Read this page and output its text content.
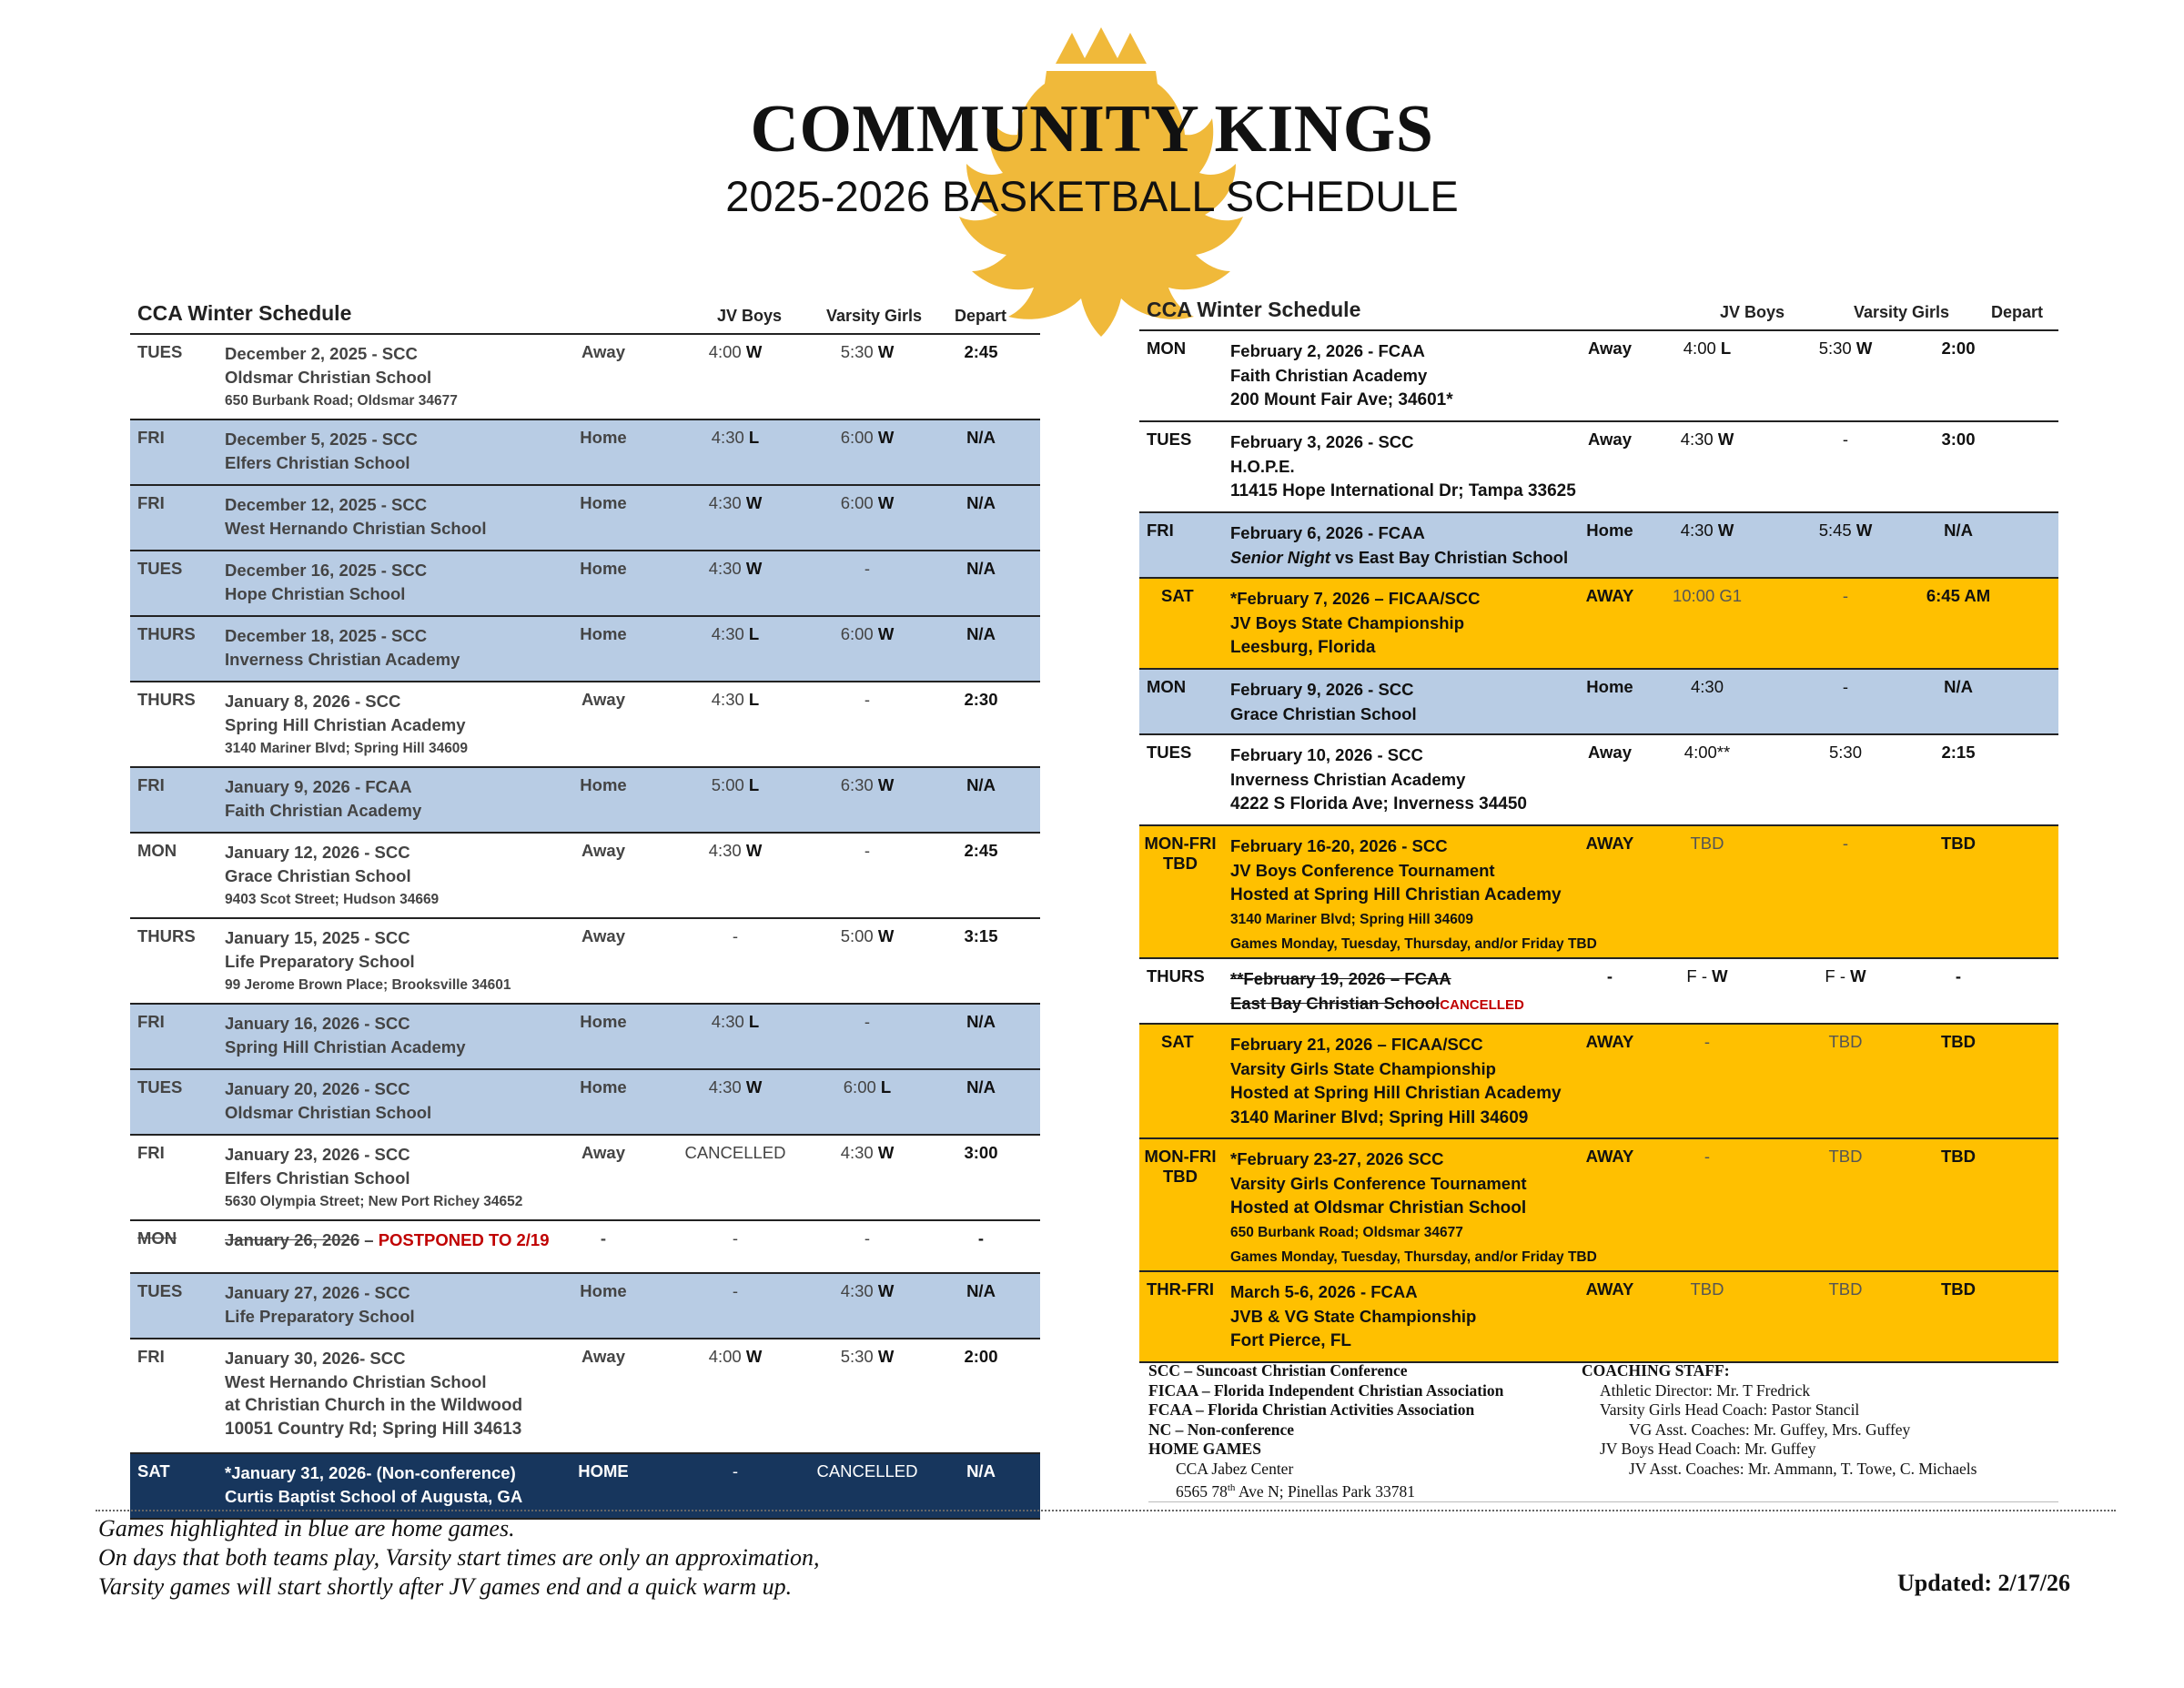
COMMUNITY KINGS
2025-2026 BASKETBALL SCHEDULE
CCA Winter Schedule	JV Boys	Varsity Girls Depart
TUES	December 2, 2025 - SCC
Oldsmar Christian School
650 Burbank Road; Oldsmar 34677
Away	4:00 W	5:30 W	2:45
FRI	December 5, 2025 - SCC
Elfers Christian School
Home	4:30 L	6:00 W	N/A
FRI	December 12, 2025 - SCC
West Hernando Christian School
Home	4:30 W	6:00 W	N/A
TUES	December 16, 2025 - SCC
Hope Christian School
Home	4:30 W	-	N/A
THURS December 18, 2025 - SCC
Inverness Christian Academy
Home	4:30 L	6:00 W	N/A
THURS January 8, 2026 - SCC
Spring Hill Christian Academy
3140 Mariner Blvd; Spring Hill 34609
Away	4:30 L	-	2:30
FRI	January 9, 2026 - FCAA
Faith Christian Academy
Home	5:00 L	6:30 W	N/A
MON	January 12, 2026 - SCC
Grace Christian School
9403 Scot Street; Hudson 34669
Away	4:30 W	-	2:45
THURS January 15, 2025 - SCC
Life Preparatory School
99 Jerome Brown Place; Brooksville 34601
Away	-	5:00 W	3:15
FRI	January 16, 2026 - SCC
Spring Hill Christian Academy
Home	4:30 L	-	N/A
TUES	January 20, 2026 - SCC
Oldsmar Christian School
Home	4:30 W	6:00 L	N/A
FRI	January 23, 2026 - SCC
Elfers Christian School
5630 Olympia Street; New Port Richey 34652
Away	CANCELLED	4:30 W	3:00
MON	January 26, 2026 – POSTPONED TO 2/19	-	-	-	-
TUES	January 27, 2026 - SCC
Life Preparatory School
Home	-	4:30 W	N/A
FRI	January 30, 2026- SCC
West Hernando Christian School
at Christian Church in the Wildwood
10051 Country Rd; Spring Hill 34613
Away	4:00 W	5:30 W	2:00
SAT	*January 31, 2026- (Non-conference)
Curtis Baptist School of Augusta, GA
HOME	-	CANCELLED	N/A
CCA Winter Schedule	JV Boys	Varsity Girls	Depart
MON	February 2, 2026 - FCAA
Faith Christian Academy
200 Mount Fair Ave; 34601*
Away	4:00 L	5:30 W	2:00
TUES February 3, 2026 - SCC
H.O.P.E.
11415 Hope International Dr; Tampa 33625
Away	4:30 W	-	3:00
FRI	February 6, 2026 - FCAA
Senior Night vs East Bay Christian School
Home	4:30 W	5:45 W	N/A
SAT *February 7, 2026 – FICAA/SCC
JV Boys State Championship
Leesburg, Florida
AWAY	10:00 G1	-	6:45 AM
MON	February 9, 2026 - SCC
Grace Christian School
Home	4:30	-	N/A
TUES February 10, 2026 - SCC
Inverness Christian Academy
4222 S Florida Ave; Inverness 34450
Away	4:00**	5:30	2:15
MON-FRI
TBD
February 16-20, 2026 - SCC
JV Boys Conference Tournament
Hosted at Spring Hill Christian Academy
3140 Mariner Blvd; Spring Hill 34609
Games Monday, Tuesday, Thursday, and/or Friday TBD
AWAY	TBD	-	TBD
THURS **February 19, 2026 – FCAA
East Bay Christian SchoolCANCELLED
-	F - W	F - W	-
SAT February 21, 2026 – FICAA/SCC
Varsity Girls State Championship
Hosted at Spring Hill Christian Academy
3140 Mariner Blvd; Spring Hill 34609
AWAY	-	TBD	TBD
MON-FRI
TBD
*February 23-27, 2026 SCC
Varsity Girls Conference Tournament
Hosted at Oldsmar Christian School
650 Burbank Road; Oldsmar 34677
Games Monday, Tuesday, Thursday, and/or Friday TBD
AWAY	-	TBD	TBD
THR-FRI March 5-6, 2026 - FCAA
JVB & VG State Championship
Fort Pierce, FL
AWAY	TBD	TBD	TBD
SCC – Suncoast Christian Conference
FICAA – Florida Independent Christian Association
FCAA – Florida Christian Activities Association
NC – Non-conference
HOME GAMES
CCA Jabez Center
6565 78th Ave N; Pinellas Park 33781
COACHING STAFF:
Athletic Director: Mr. T Fredrick
Varsity Girls Head Coach: Pastor Stancil
VG Asst. Coaches: Mr. Guffey, Mrs. Guffey
JV Boys Head Coach: Mr. Guffey
JV Asst. Coaches: Mr. Ammann, T. Towe, C. Michaels
Games highlighted in blue are home games.
On days that both teams play, Varsity start times are only an approximation,
Varsity games will start shortly after JV games end and a quick warm up.	Updated: 2/17/26
